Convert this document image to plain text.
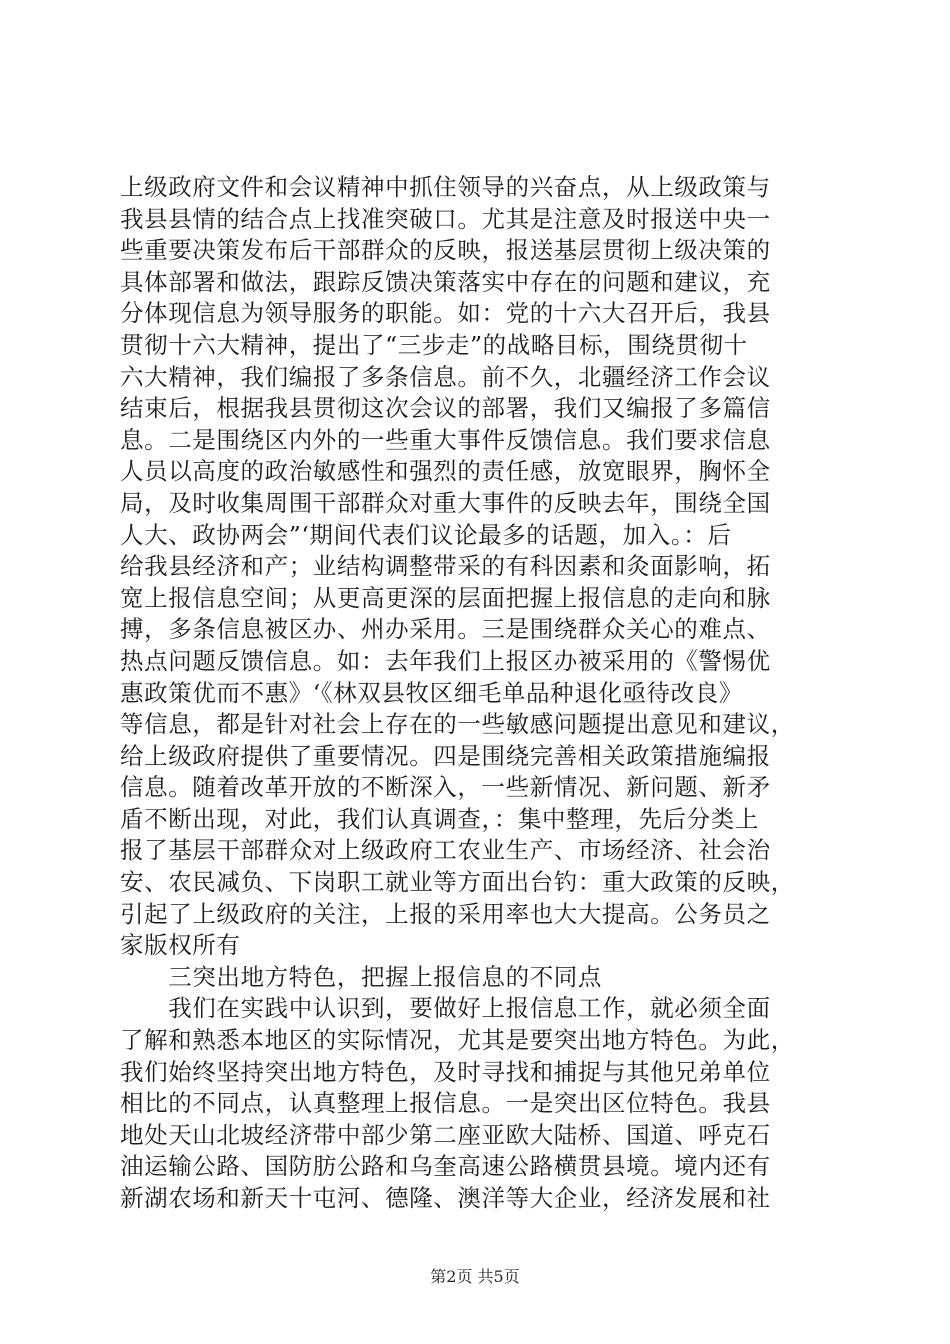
上级政府文件和会议精神中抓住领导的兴奋点，从上级政策与
我县县情的结合点上找准突破口。尤其是注意及时报送中央一
些重要决策发布后干部群众的反映，报送基层贯彻上级决策的
具体部署和做法，跟踪反馈决策落实中存在的问题和建议，充
分体现信息为领导服务的职能。如：党的十六大召开后，我县
贯彻十六大精神，提出了“三步走”的战略目标，围绕贯彻十
六大精神，我们编报了多条信息。前不久，北疆经济工作会议
结束后，根据我县贯彻这次会议的部署，我们又编报了多篇信
息。二是围绕区内外的一些重大事件反馈信息。我们要求信息
人员以高度的政治敏感性和强烈的责任感，放宽眼界，胸怀全
局，及时收集周围干部群众对重大事件的反映去年，围绕全国
人大、政协两会”‘期间代表们议论最多的话题，加入。：后
给我县经济和产；业结构调整带采的有科因素和灸面影响，拓
宽上报信息空间；从更高更深的层面把握上报信息的走向和脉
搏，多条信息被区办、州办采用。三是围绕群众关心的难点、
热点问题反馈信息。如：去年我们上报区办被采用的《警惕优
惠政策优而不惠》‘《林双县牧区细毛单品种退化亟待改良》
等信息，都是针对社会上存在的一些敏感问题提出意见和建议，
给上级政府提供了重要情况。四是围绕完善相关政策措施编报
信息。随着改革开放的不断深入，一些新情况、新问题、新矛
盾不断出现，对此，我们认真调查，：集中整理，先后分类上
报了基层干部群众对上级政府工农业生产、市场经济、社会治
安、农民减负、下岗职工就业等方面出台钓：重大政策的反映，
引起了上级政府的关注，上报的采用率也大大提高。公务员之
家版权所有
　　三突出地方特色，把握上报信息的不同点
　　我们在实践中认识到，要做好上报信息工作，就必须全面
了解和熟悉本地区的实际情况，尤其是要突出地方特色。为此，
我们始终坚持突出地方特色，及时寻找和捕捉与其他兄弟单位
相比的不同点，认真整理上报信息。一是突出区位特色。我县
地处天山北坡经济带中部少第二座亚欧大陆桥、国道、呼克石
油运输公路、国防肪公路和乌奎高速公路横贯县境。境内还有
新湖农场和新天十屯河、德隆、澳洋等大企业，经济发展和社
第2页 共5页
